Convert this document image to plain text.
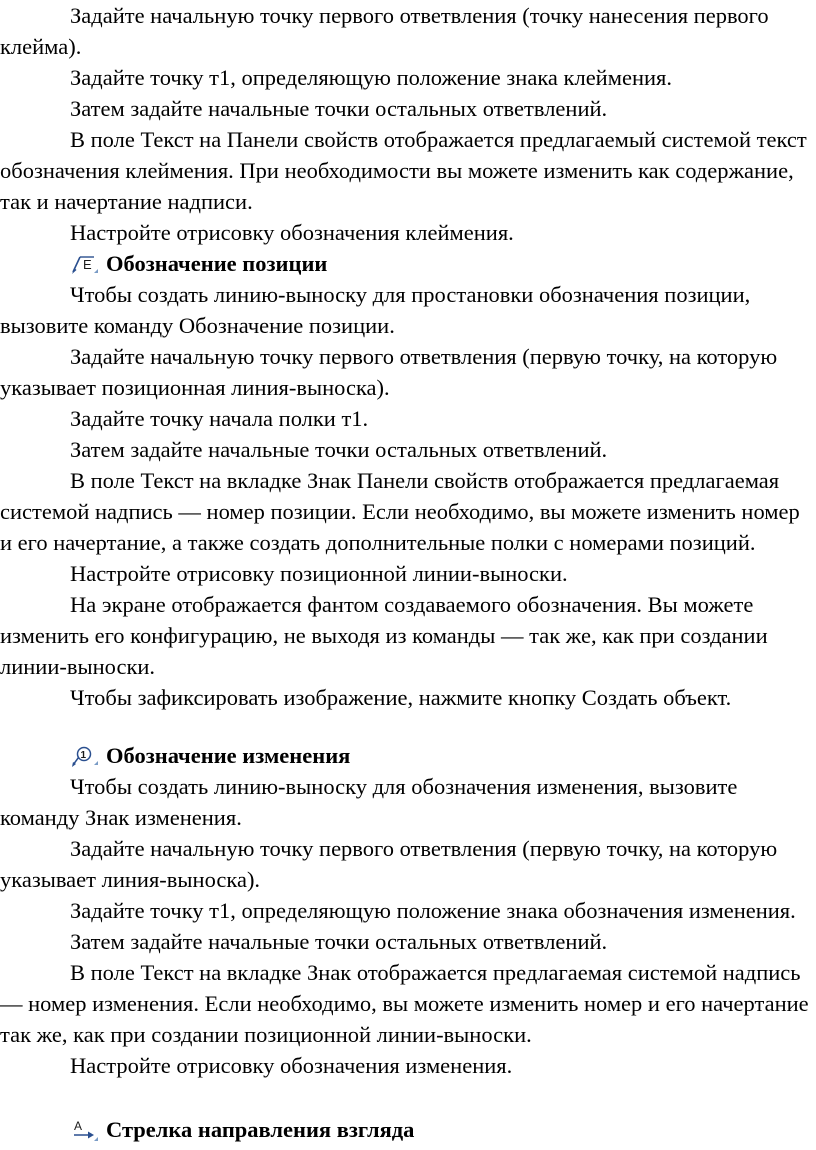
Задайте начальную точку первого ответвления (точку нанесения первого клейма).

Задайте точку т1, определяющую положение знака клеймения.

Затем задайте начальные точки остальных ответвлений.

В поле Текст на Панели свойств отображается предлагаемый системой текст обозначения клеймения. При необходимости вы можете изменить как содержание, так и начертание надписи.

Настройте отрисовку обозначения клеймения.

E Обозначение позиции

Чтобы создать линию-выноску для простановки обозначения позиции, вызовите команду Обозначение позиции.

Задайте начальную точку первого ответвления (первую точку, на которую указывает позиционная линия-выноска).

Задайте точку начала полки т1.

Затем задайте начальные точки остальных ответвлений.

В поле Текст на вкладке Знак Панели свойств отображается предлагаемая системой надпись — номер позиции. Если необходимо, вы можете изменить номер и его начертание, а также создать дополнительные полки с номерами позиций.

Настройте отрисовку позиционной линии-выноски.

На экране отображается фантом создаваемого обозначения. Вы можете изменить его конфигурацию, не выходя из команды — так же, как при создании линии-выноски.

Чтобы зафиксировать изображение, нажмите кнопку Создать объект.

1 Обозначение изменения

Чтобы создать линию-выноску для обозначения изменения, вызовите команду Знак изменения.

Задайте начальную точку первого ответвления (первую точку, на которую указывает линия-выноска).

Задайте точку т1, определяющую положение знака обозначения изменения.

Затем задайте начальные точки остальных ответвлений.

В поле Текст на вкладке Знак отображается предлагаемая системой надпись — номер изменения. Если необходимо, вы можете изменить номер и его начертание так же, как при создании позиционной линии-выноски.

Настройте отрисовку обозначения изменения.

A Стрелка направления взгляда
